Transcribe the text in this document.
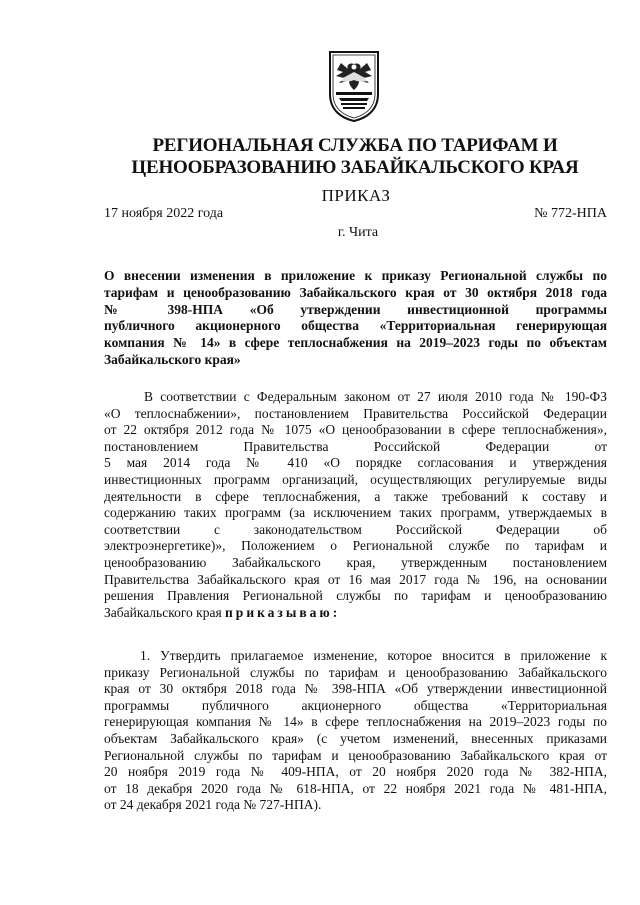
РЕГИОНАЛЬНАЯ СЛУЖБА ПО ТАРИФАМ И
ЦЕНООБРАЗОВАНИЮ ЗАБАЙКАЛЬСКОГО КРАЯ
ПРИКАЗ
17 ноября 2022 года	№ 772-НПА
г. Чита
О внесении изменения в приложение к приказу Региональной службы по
тарифам и ценообразованию Забайкальского края от 30 октября 2018 года
№ 398-НПА «Об утверждении инвестиционной программы
публичного акционерного общества «Территориальная генерирующая
компания № 14» в сфере теплоснабжения на 2019–2023 годы по объектам
Забайкальского края»
В соответствии с Федеральным законом от 27 июля 2010 года № 190-ФЗ
«О теплоснабжении», постановлением Правительства Российской Федерации
от 22 октября 2012 года № 1075 «О ценообразовании в сфере теплоснабжения»,
постановлением Правительства Российской Федерации от
5 мая 2014 года № 410 «О порядке согласования и утверждения
инвестиционных программ организаций, осуществляющих регулируемые виды
деятельности в сфере теплоснабжения, а также требований к составу и
содержанию таких программ (за исключением таких программ, утверждаемых в
соответствии с законодательством Российской Федерации об
электроэнергетике)», Положением о Региональной службе по тарифам и
ценообразованию Забайкальского края, утвержденным постановлением
Правительства Забайкальского края от 16 мая 2017 года № 196, на основании
решения Правления Региональной службы по тарифам и ценообразованию
Забайкальского края приказываю:
1. Утвердить прилагаемое изменение, которое вносится в приложение к
приказу Региональной службы по тарифам и ценообразованию Забайкальского
края от 30 октября 2018 года № 398-НПА «Об утверждении инвестиционной
программы публичного акционерного общества «Территориальная
генерирующая компания № 14» в сфере теплоснабжения на 2019–2023 годы по
объектам Забайкальского края» (с учетом изменений, внесенных приказами
Региональной службы по тарифам и ценообразованию Забайкальского края от
20 ноября 2019 года № 409-НПА, от 20 ноября 2020 года № 382-НПА,
от 18 декабря 2020 года № 618-НПА, от 22 ноября 2021 года № 481-НПА,
от 24 декабря 2021 года № 727-НПА).
